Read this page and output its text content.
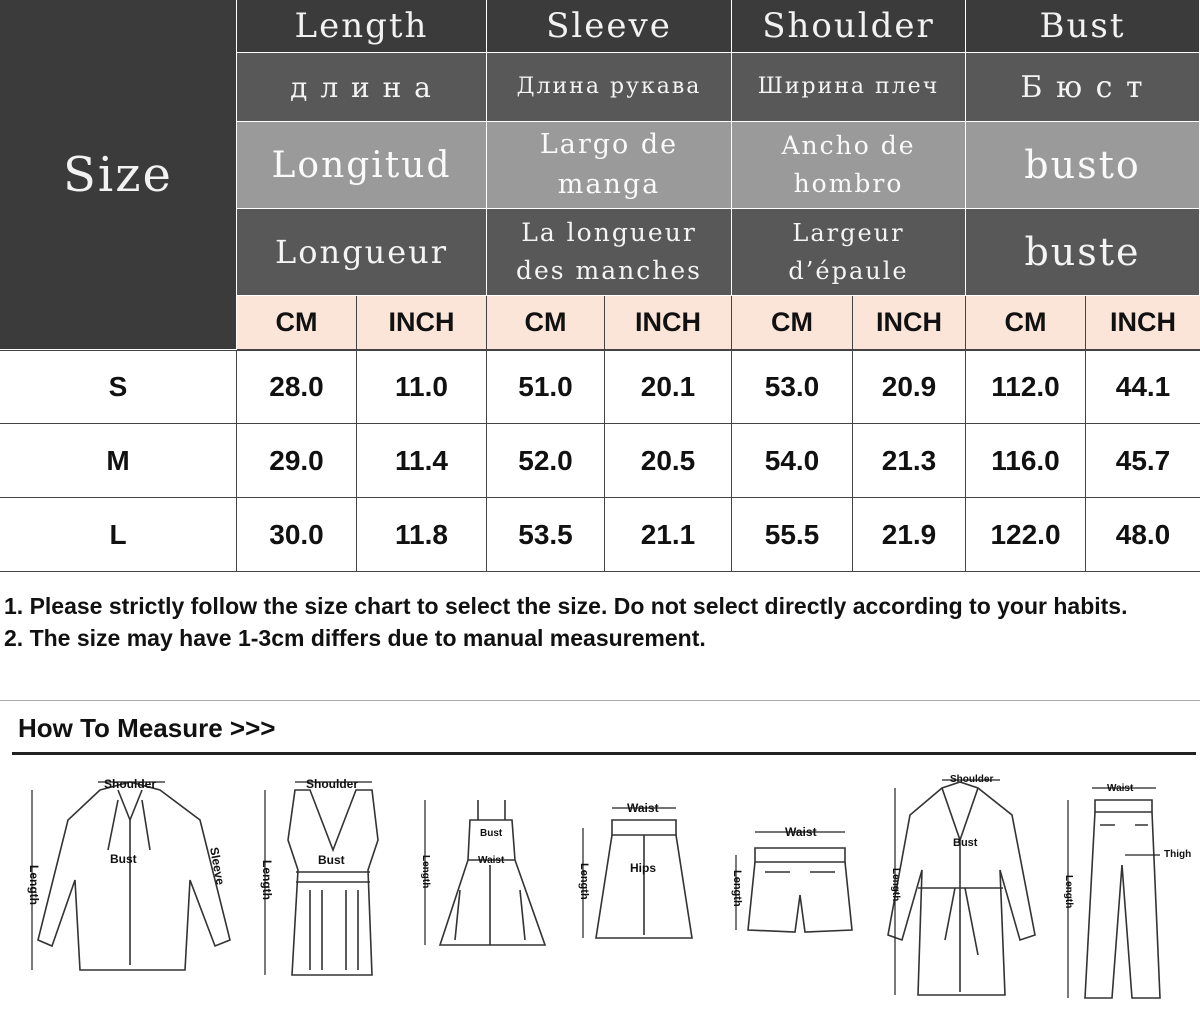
Size
Length
д л и н а
Longitud
Longueur
Sleeve
Длина рукава
Largo de manga
La longueur des manches
Shoulder
Ширина плеч
Ancho de hombro
Largeur d’épaule
Bust
Б ю с т
busto
buste
CM	INCH	CM	INCH	CM INCH CM INCH
S	28.0	11.0	51.0	20.1	53.0	20.9	112.0	44.1
M	29.0	11.4	52.0	20.5	54.0	21.3	116.0	45.7
L	30.0	11.8	53.5	21.1	55.5	21.9	122.0	48.0
1. Please strictly follow the size chart to select the size. Do not select directly according to your habits.
2. The size may have 1-3cm differs due to manual measurement.
How To Measure >>>
Shoulder
Bust
Shoulder
Bust
Bust
Waist
Waist
Hips
Waist
Shoulder
Bust
Waist
Thigh
Sleeve
Length	Length	Length	Length	Length	Length	Length
